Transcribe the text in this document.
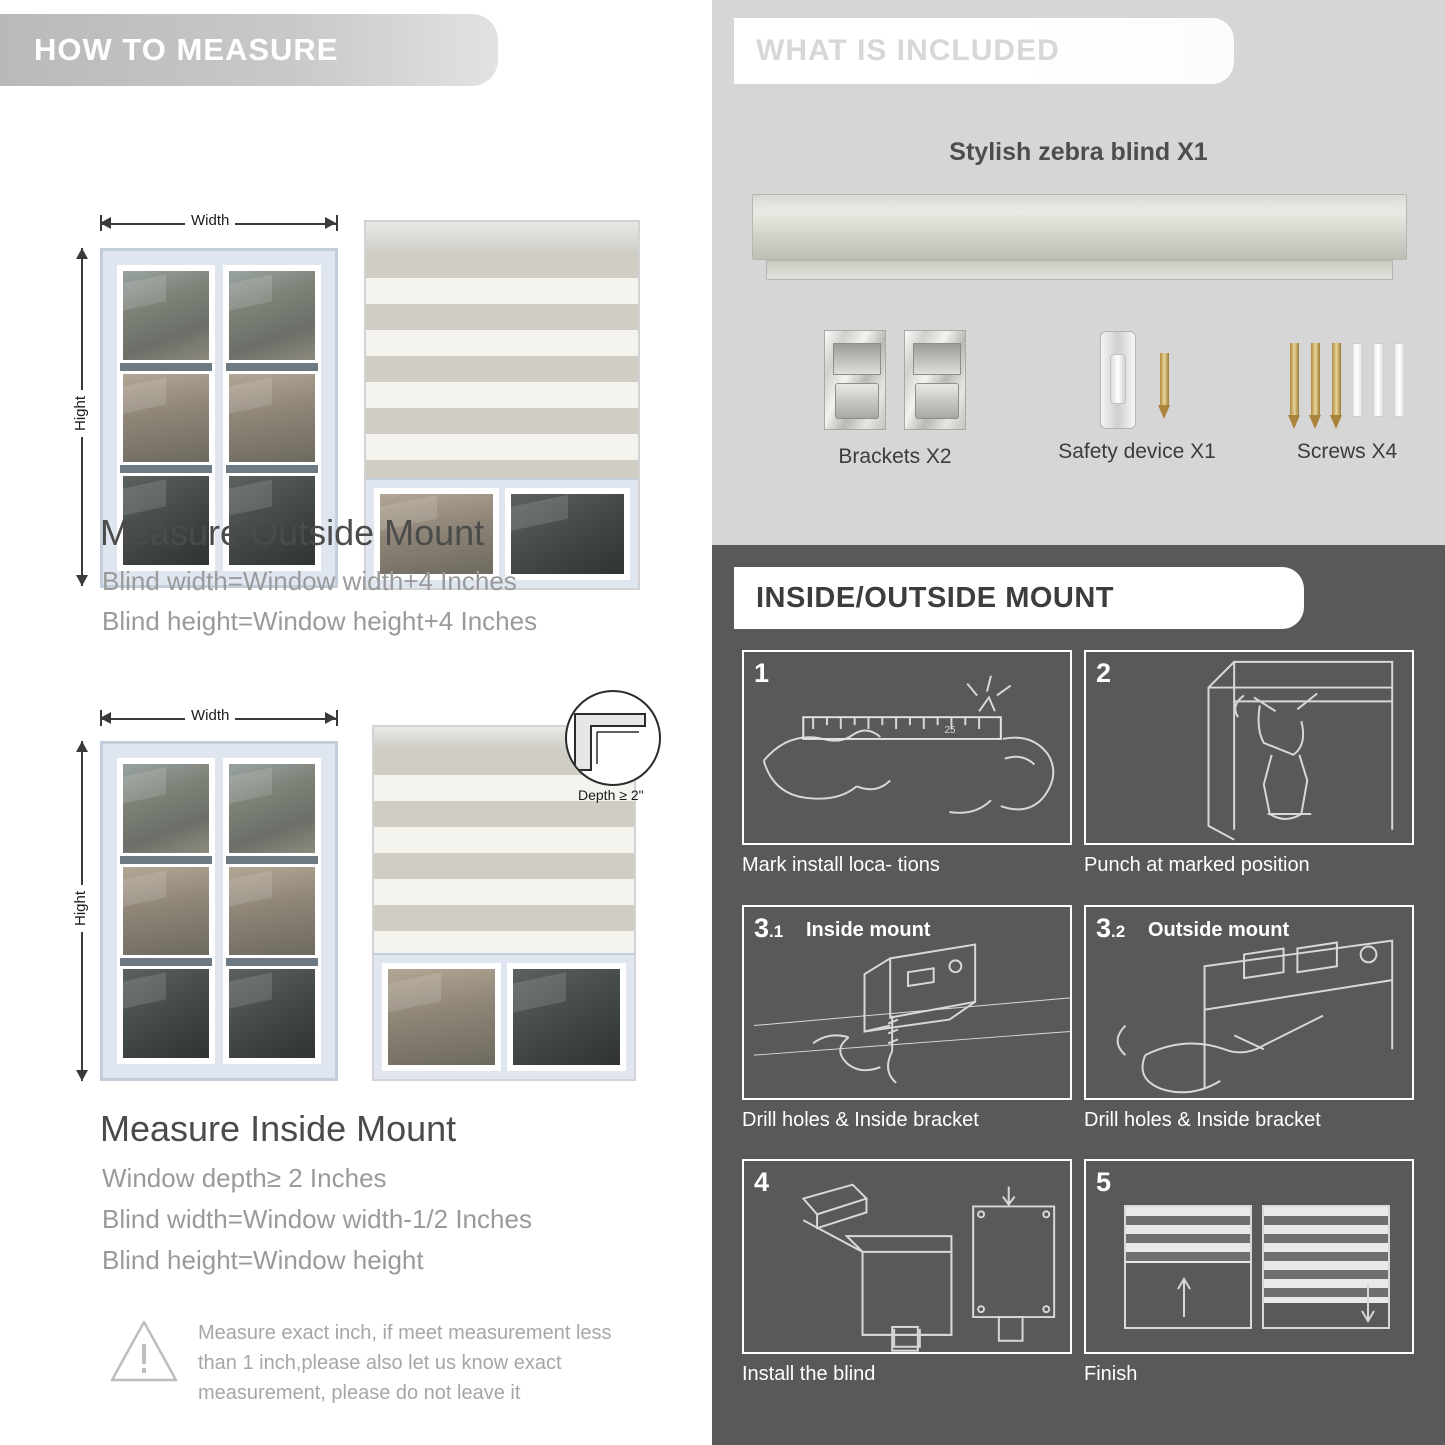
HOW TO MEASURE
Width
Hight
Measure Outside Mount
Blind width=Window width+4 Inches
Blind height=Window height+4 Inches
Width
Hight
Depth ≥ 2"
Measure Inside Mount
Window depth≥ 2 Inches
Blind width=Window width-1/2 Inches
Blind height=Window height
Measure exact inch, if meet measurement less than 1 inch,please also let us know exact measurement, please do not leave it
WHAT IS INCLUDED
Stylish zebra blind X1

Brackets X2	Safety device X1	Screws X4
INSIDE/OUTSIDE MOUNT
1
25
Mark install loca- tions
2
Punch at marked position
3.1 Inside mount
Drill holes & Inside bracket
3.2 Outside mount
Drill holes & Inside bracket
4
Install the blind
5
Finish
